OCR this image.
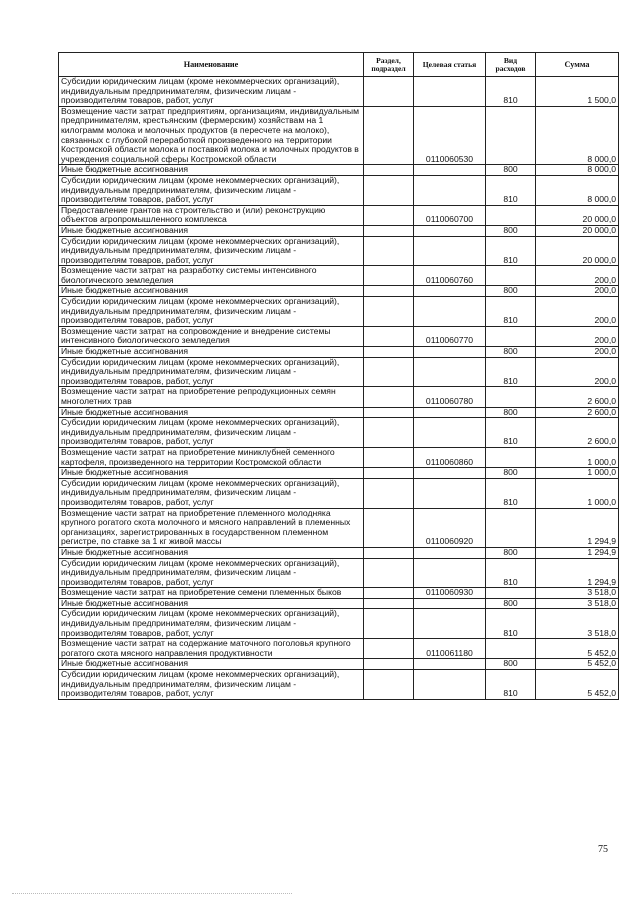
Наименование	Раздел, подраздел	Целевая статья	Вид расходов	Сумма
Субсидии юридическим лицам (кроме некоммерческих организаций), индивидуальным предпринимателям, физическим лицам - производителям товаров, работ, услуг			810	1 500,0
Возмещение части затрат предприятиям, организациям, индивидуальным предпринимателям, крестьянским (фермерским) хозяйствам на 1 килограмм молока и молочных продуктов (в пересчете на молоко), связанных с глубокой переработкой произведенного на территории Костромской области молока и поставкой молока и молочных продуктов в учреждения социальной сферы Костромской области		0110060530		8 000,0
Иные бюджетные ассигнования			800	8 000,0
Субсидии юридическим лицам (кроме некоммерческих организаций), индивидуальным предпринимателям, физическим лицам - производителям товаров, работ, услуг			810	8 000,0
Предоставление грантов на строительство и (или) реконструкцию объектов агропромышленного комплекса		0110060700		20 000,0
Иные бюджетные ассигнования			800	20 000,0
Субсидии юридическим лицам (кроме некоммерческих организаций), индивидуальным предпринимателям, физическим лицам - производителям товаров, работ, услуг			810	20 000,0
Возмещение части затрат на разработку системы интенсивного биологического земледелия		0110060760		200,0
Иные бюджетные ассигнования			800	200,0
Субсидии юридическим лицам (кроме некоммерческих организаций), индивидуальным предпринимателям, физическим лицам - производителям товаров, работ, услуг			810	200,0
Возмещение части затрат на сопровождение и внедрение системы интенсивного биологического земледелия		0110060770		200,0
Иные бюджетные ассигнования			800	200,0
Субсидии юридическим лицам (кроме некоммерческих организаций), индивидуальным предпринимателям, физическим лицам - производителям товаров, работ, услуг			810	200,0
Возмещение части затрат на приобретение репродукционных семян многолетних трав		0110060780		2 600,0
Иные бюджетные ассигнования			800	2 600,0
Субсидии юридическим лицам (кроме некоммерческих организаций), индивидуальным предпринимателям, физическим лицам - производителям товаров, работ, услуг			810	2 600,0
Возмещение части затрат на приобретение миниклубней семенного картофеля, произведенного на территории Костромской области		0110060860		1 000,0
Иные бюджетные ассигнования			800	1 000,0
Субсидии юридическим лицам (кроме некоммерческих организаций), индивидуальным предпринимателям, физическим лицам - производителям товаров, работ, услуг			810	1 000,0
Возмещение части затрат на приобретение племенного молодняка крупного рогатого скота молочного и мясного направлений в племенных организациях, зарегистрированных в государственном племенном регистре, по ставке за 1 кг живой массы		0110060920		1 294,9
Иные бюджетные ассигнования			800	1 294,9
Субсидии юридическим лицам (кроме некоммерческих организаций), индивидуальным предпринимателям, физическим лицам - производителям товаров, работ, услуг			810	1 294,9
Возмещение части затрат на приобретение семени племенных быков		0110060930		3 518,0
Иные бюджетные ассигнования			800	3 518,0
Субсидии юридическим лицам (кроме некоммерческих организаций), индивидуальным предпринимателям, физическим лицам - производителям товаров, работ, услуг			810	3 518,0
Возмещение части затрат на содержание маточного поголовья крупного рогатого скота мясного направления продуктивности		0110061180		5 452,0
Иные бюджетные ассигнования			800	5 452,0
Субсидии юридическим лицам (кроме некоммерческих организаций), индивидуальным предпринимателям, физическим лицам - производителям товаров, работ, услуг			810	5 452,0
75
